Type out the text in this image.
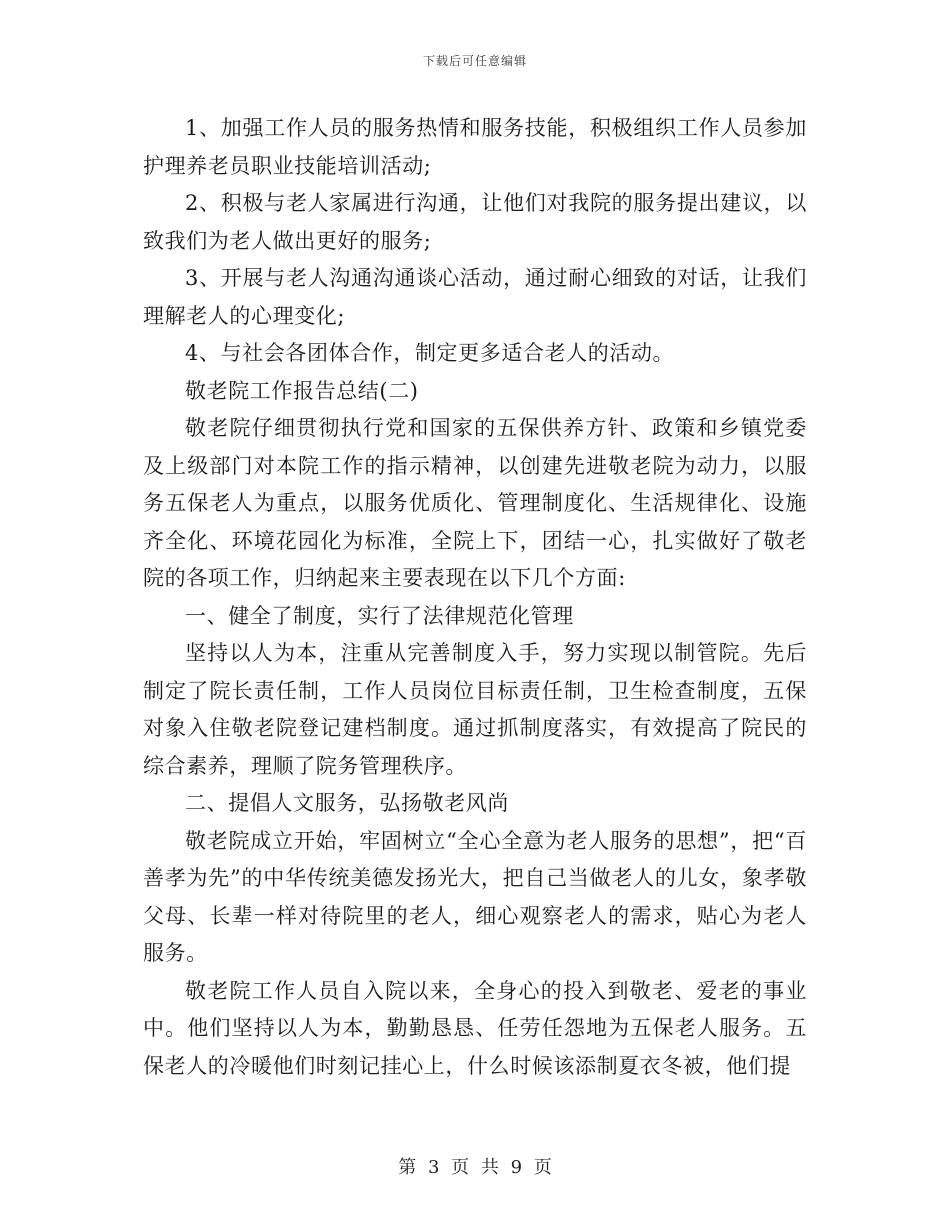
下载后可任意编辑

1、加强工作人员的服务热情和服务技能，积极组织工作人员参加护理养老员职业技能培训活动;

2、积极与老人家属进行沟通，让他们对我院的服务提出建议，以致我们为老人做出更好的服务;

3、开展与老人沟通沟通谈心活动，通过耐心细致的对话，让我们理解老人的心理变化;

4、与社会各团体合作，制定更多适合老人的活动。

敬老院工作报告总结(二)

敬老院仔细贯彻执行党和国家的五保供养方针、政策和乡镇党委及上级部门对本院工作的指示精神，以创建先进敬老院为动力，以服务五保老人为重点，以服务优质化、管理制度化、生活规律化、设施齐全化、环境花园化为标准，全院上下，团结一心，扎实做好了敬老院的各项工作，归纳起来主要表现在以下几个方面:

一、健全了制度，实行了法律规范化管理

坚持以人为本，注重从完善制度入手，努力实现以制管院。先后制定了院长责任制，工作人员岗位目标责任制，卫生检查制度，五保对象入住敬老院登记建档制度。通过抓制度落实，有效提高了院民的综合素养，理顺了院务管理秩序。

二、提倡人文服务，弘扬敬老风尚

敬老院成立开始，牢固树立“全心全意为老人服务的思想”，把“百善孝为先”的中华传统美德发扬光大，把自己当做老人的儿女，象孝敬父母、长辈一样对待院里的老人，细心观察老人的需求，贴心为老人服务。

敬老院工作人员自入院以来，全身心的投入到敬老、爱老的事业中。他们坚持以人为本，勤勤恳恳、任劳任怨地为五保老人服务。五保老人的冷暖他们时刻记挂心上，什么时候该添制夏衣冬被，他们提

第 3 页 共 9 页
